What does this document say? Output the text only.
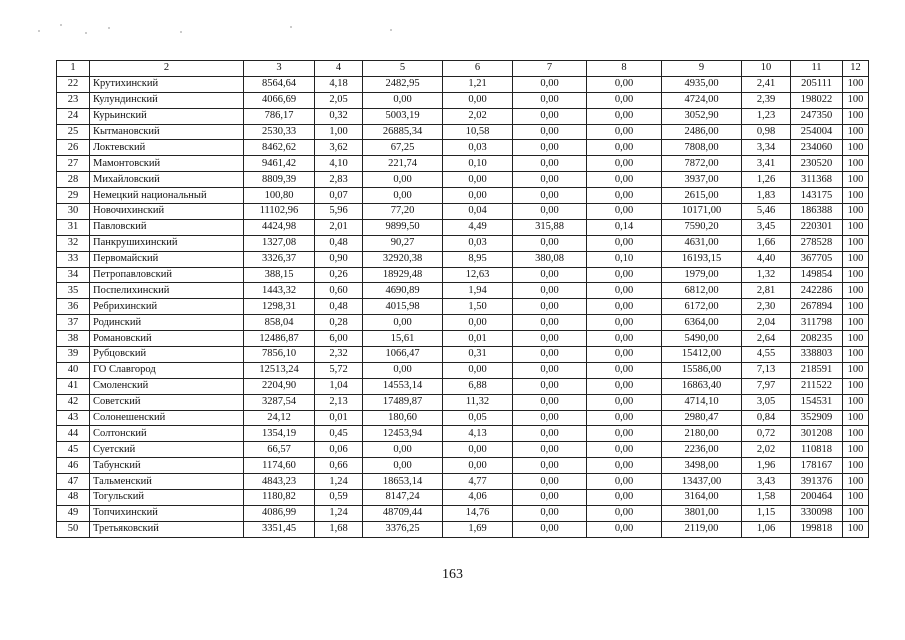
1	2	3	4	5	6	7	8	9	10	11	12
22	Крутихинский	8564,64	4,18	2482,95	1,21	0,00	0,00	4935,00	2,41	205111	100
23	Кулундинский	4066,69	2,05	0,00	0,00	0,00	0,00	4724,00	2,39	198022	100
24	Курьинский	786,17	0,32	5003,19	2,02	0,00	0,00	3052,90	1,23	247350	100
25	Кытмановский	2530,33	1,00	26885,34	10,58	0,00	0,00	2486,00	0,98	254004	100
26	Локтевский	8462,62	3,62	67,25	0,03	0,00	0,00	7808,00	3,34	234060	100
27	Мамонтовский	9461,42	4,10	221,74	0,10	0,00	0,00	7872,00	3,41	230520	100
28	Михайловский	8809,39	2,83	0,00	0,00	0,00	0,00	3937,00	1,26	311368	100
29	Немецкий национальный	100,80	0,07	0,00	0,00	0,00	0,00	2615,00	1,83	143175	100
30	Новочихинский	11102,96	5,96	77,20	0,04	0,00	0,00	10171,00	5,46	186388	100
31	Павловский	4424,98	2,01	9899,50	4,49	315,88	0,14	7590,20	3,45	220301	100
32	Панкрушихинский	1327,08	0,48	90,27	0,03	0,00	0,00	4631,00	1,66	278528	100
33	Первомайский	3326,37	0,90	32920,38	8,95	380,08	0,10	16193,15	4,40	367705	100
34	Петропавловский	388,15	0,26	18929,48	12,63	0,00	0,00	1979,00	1,32	149854	100
35	Поспелихинский	1443,32	0,60	4690,89	1,94	0,00	0,00	6812,00	2,81	242286	100
36	Ребрихинский	1298,31	0,48	4015,98	1,50	0,00	0,00	6172,00	2,30	267894	100
37	Родинский	858,04	0,28	0,00	0,00	0,00	0,00	6364,00	2,04	311798	100
38	Романовский	12486,87	6,00	15,61	0,01	0,00	0,00	5490,00	2,64	208235	100
39	Рубцовский	7856,10	2,32	1066,47	0,31	0,00	0,00	15412,00	4,55	338803	100
40	ГО Славгород	12513,24	5,72	0,00	0,00	0,00	0,00	15586,00	7,13	218591	100
41	Смоленский	2204,90	1,04	14553,14	6,88	0,00	0,00	16863,40	7,97	211522	100
42	Советский	3287,54	2,13	17489,87	11,32	0,00	0,00	4714,10	3,05	154531	100
43	Солонешенский	24,12	0,01	180,60	0,05	0,00	0,00	2980,47	0,84	352909	100
44	Солтонский	1354,19	0,45	12453,94	4,13	0,00	0,00	2180,00	0,72	301208	100
45	Суетский	66,57	0,06	0,00	0,00	0,00	0,00	2236,00	2,02	110818	100
46	Табунский	1174,60	0,66	0,00	0,00	0,00	0,00	3498,00	1,96	178167	100
47	Тальменский	4843,23	1,24	18653,14	4,77	0,00	0,00	13437,00	3,43	391376	100
48	Тогульский	1180,82	0,59	8147,24	4,06	0,00	0,00	3164,00	1,58	200464	100
49	Топчихинский	4086,99	1,24	48709,44	14,76	0,00	0,00	3801,00	1,15	330098	100
50	Третьяковский	3351,45	1,68	3376,25	1,69	0,00	0,00	2119,00	1,06	199818	100
163
